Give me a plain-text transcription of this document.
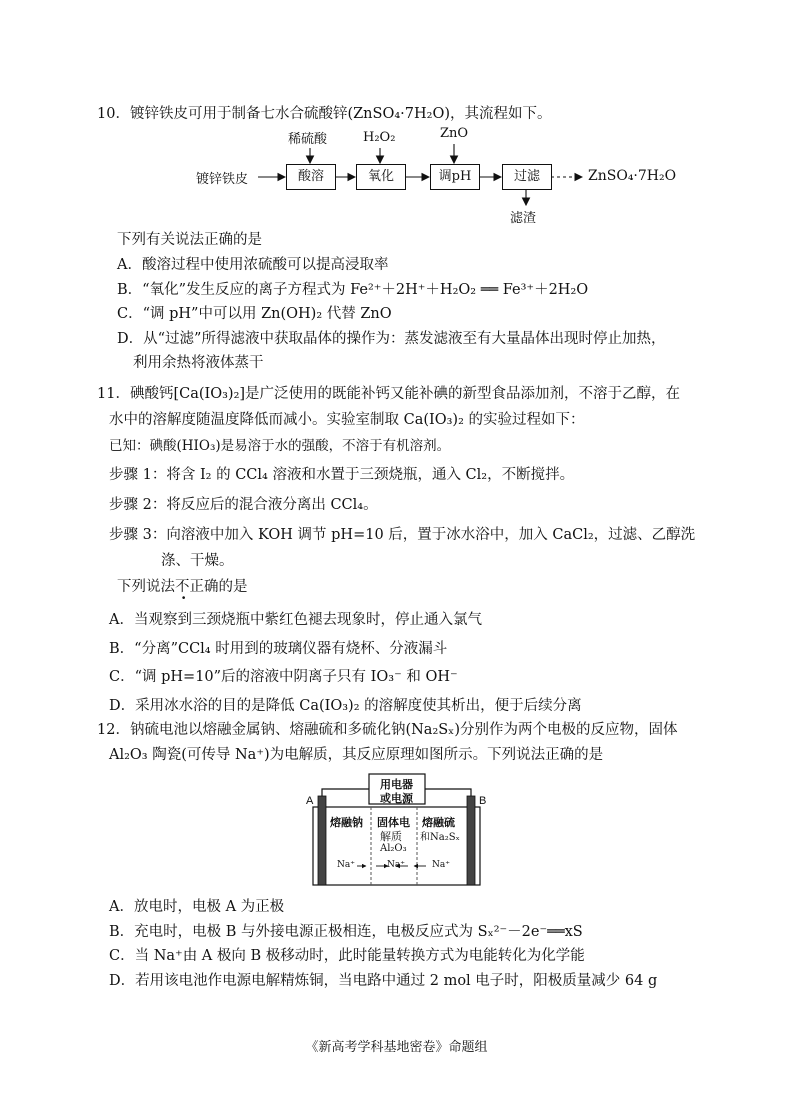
10．镀锌铁皮可用于制备七水合硫酸锌(ZnSO₄·7H₂O)，其流程如下。
镀锌铁皮	酸溶	氧化	调pH	过滤
稀硫酸	H₂O₂	ZnO
滤渣
ZnSO₄·7H₂O
下列有关说法正确的是
A．酸溶过程中使用浓硫酸可以提高浸取率
B．“氧化”发生反应的离子方程式为 Fe²⁺＋2H⁺＋H₂O₂ ══ Fe³⁺＋2H₂O
C．“调 pH”中可以用 Zn(OH)₂ 代替 ZnO
D．从“过滤”所得滤液中获取晶体的操作为：蒸发滤液至有大量晶体出现时停止加热，
利用余热将液体蒸干
11．碘酸钙[Ca(IO₃)₂]是广泛使用的既能补钙又能补碘的新型食品添加剂，不溶于乙醇，在
水中的溶解度随温度降低而减小。实验室制取 Ca(IO₃)₂ 的实验过程如下：
已知：碘酸(HIO₃)是易溶于水的强酸，不溶于有机溶剂。
步骤 1：将含 I₂ 的 CCl₄ 溶液和水置于三颈烧瓶，通入 Cl₂，不断搅拌。
步骤 2：将反应后的混合液分离出 CCl₄。
步骤 3：向溶液中加入 KOH 调节 pH=10 后，置于冰水浴中，加入 CaCl₂，过滤、乙醇洗
涤、干燥。
下列说法不正确的是
A．当观察到三颈烧瓶中紫红色褪去现象时，停止通入氯气
B．“分离”CCl₄ 时用到的玻璃仪器有烧杯、分液漏斗
C．“调 pH=10”后的溶液中阴离子只有 IO₃⁻ 和 OH⁻
D．采用冰水浴的目的是降低 Ca(IO₃)₂ 的溶解度使其析出，便于后续分离
12．钠硫电池以熔融金属钠、熔融硫和多硫化钠(Na₂Sₓ)分别作为两个电极的反应物，固体
Al₂O₃ 陶瓷(可传导 Na⁺)为电解质，其反应原理如图所示。下列说法正确的是
用电器
或电源
A	B
熔融钠 固体电
解质
Al₂O₃
熔融硫
和Na₂Sₓ
Na⁺	Na⁺	Na⁺
A．放电时，电极 A 为正极
B．充电时，电极 B 与外接电源正极相连，电极反应式为 Sₓ²⁻－2e⁻══xS
C．当 Na⁺由 A 极向 B 极移动时，此时能量转换方式为电能转化为化学能
D．若用该电池作电源电解精炼铜，当电路中通过 2 mol 电子时，阳极质量减少 64 g
《新高考学科基地密卷》命题组
